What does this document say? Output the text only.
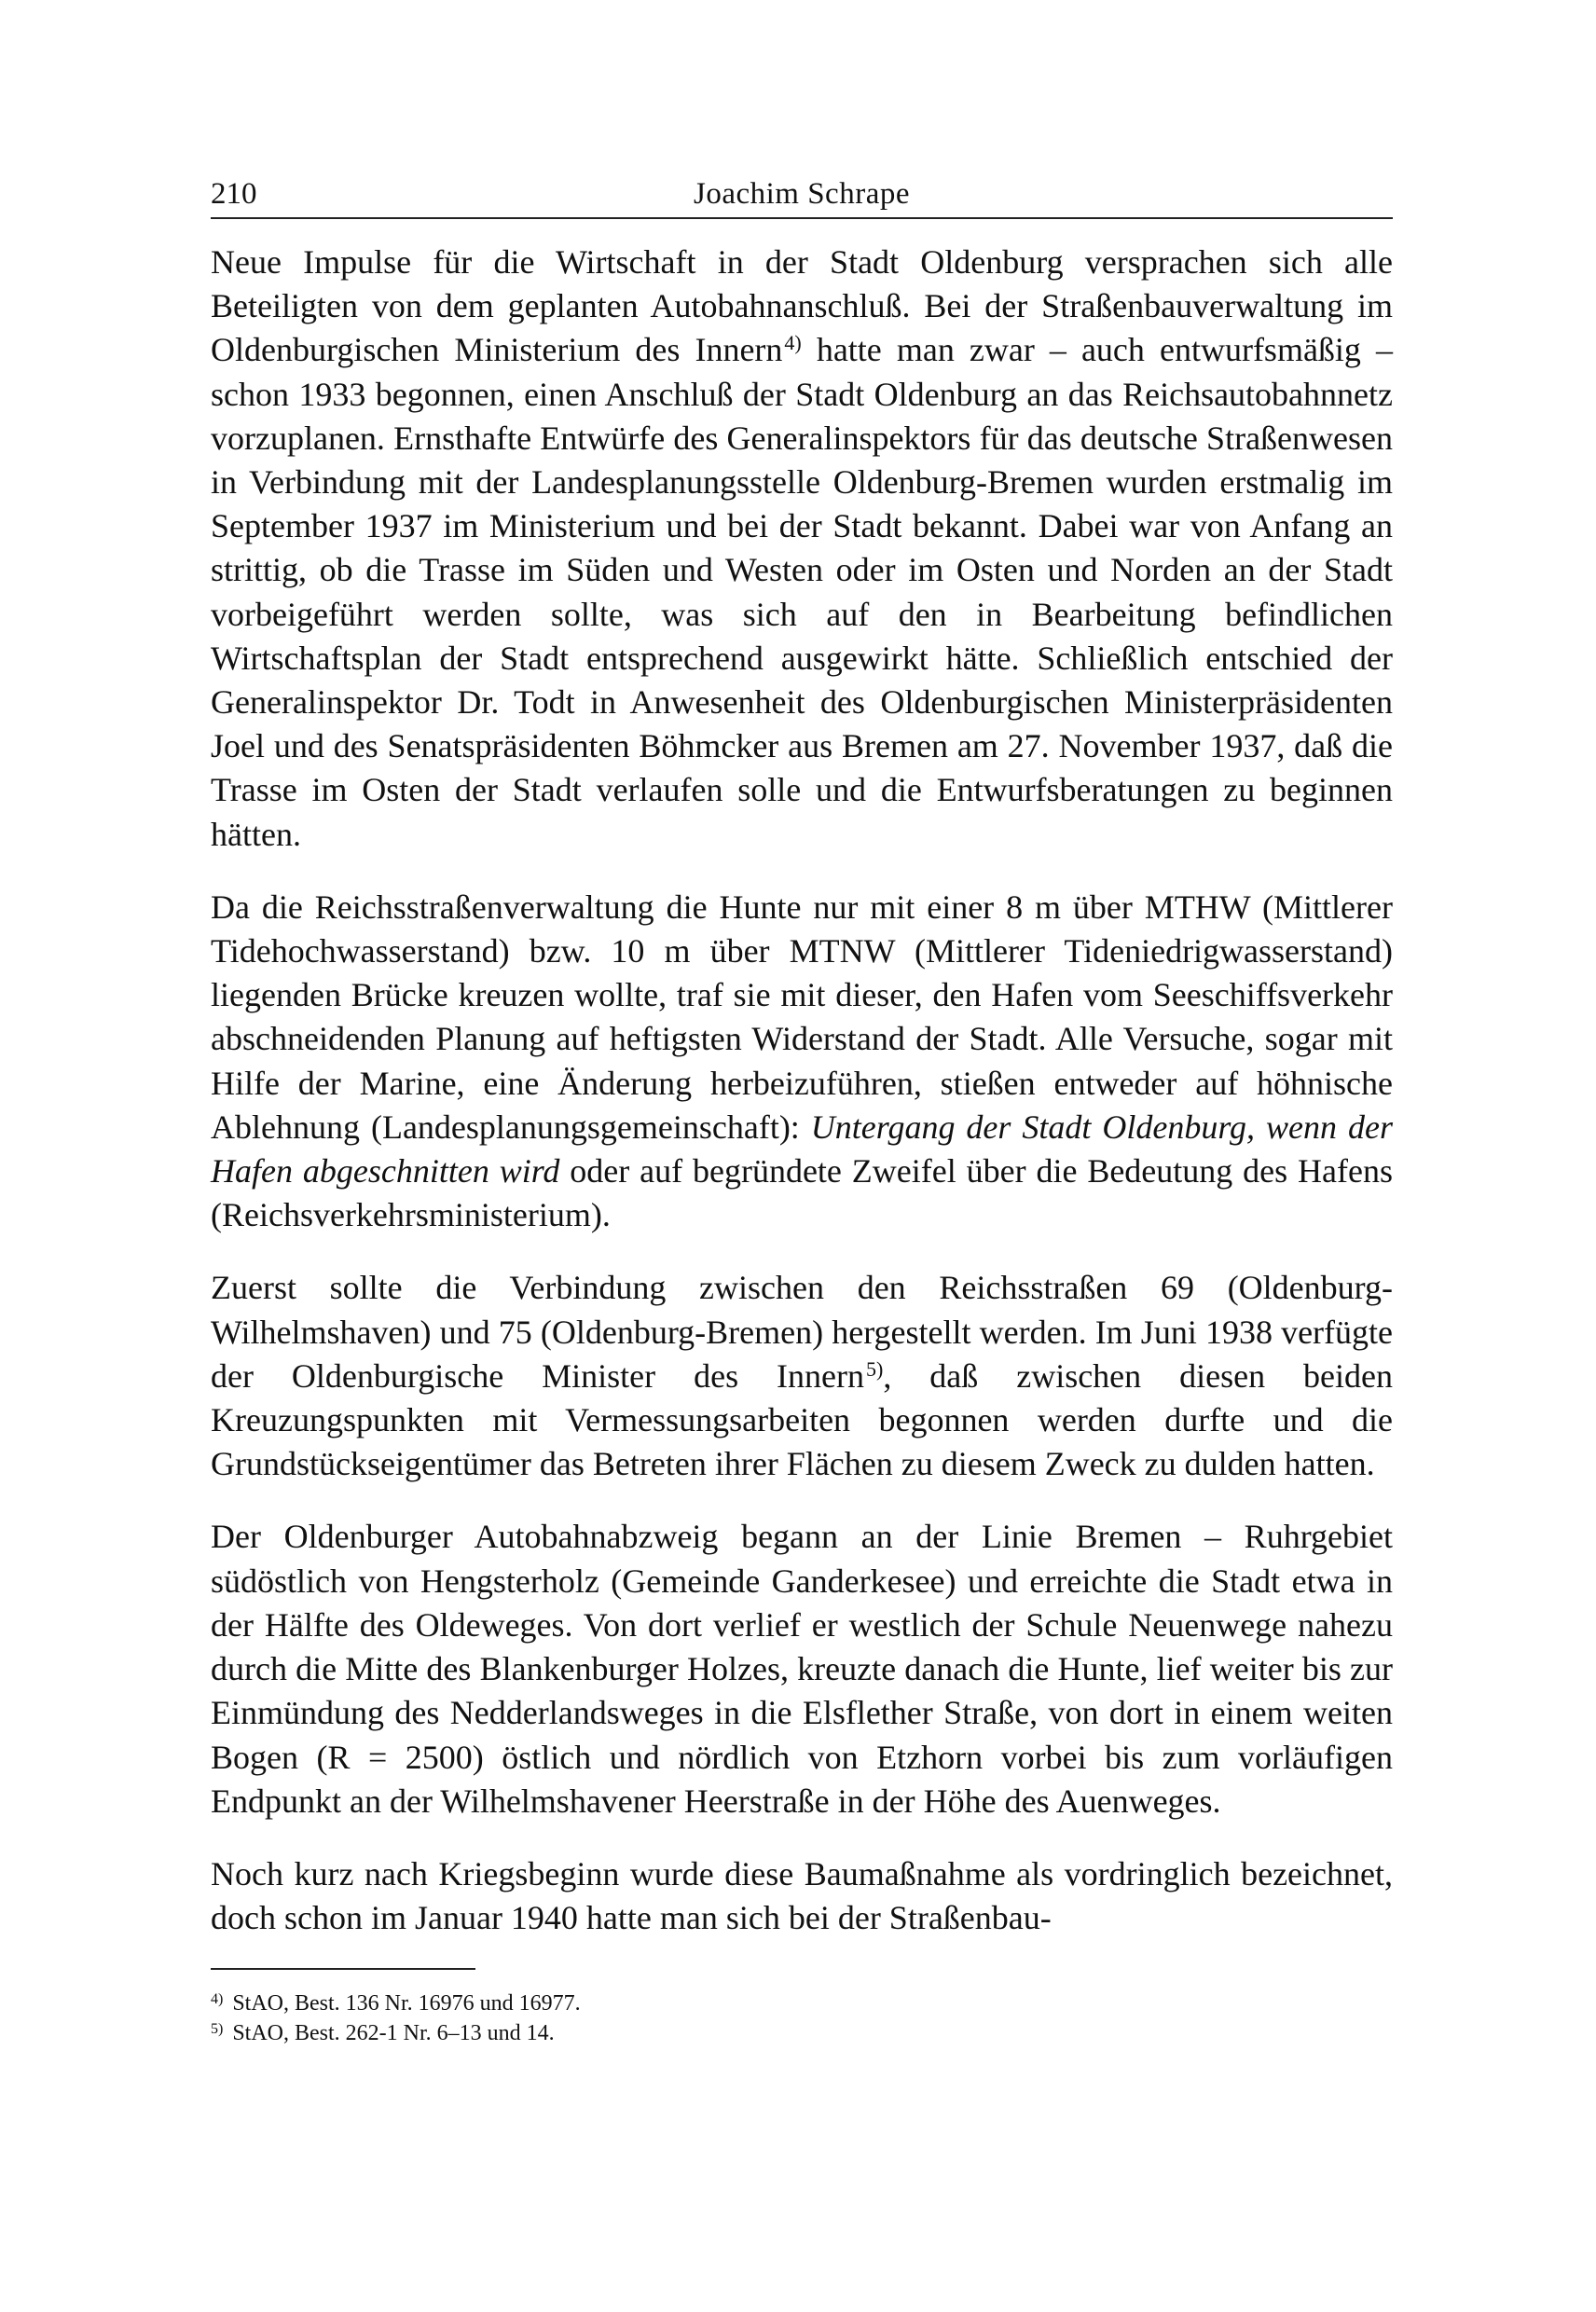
210	Joachim Schrape

Neue Impulse für die Wirtschaft in der Stadt Oldenburg versprachen sich alle Beteiligten von dem geplanten Autobahnanschluß. Bei der Straßenbauverwaltung im Oldenburgischen Ministerium des Innern$^{4)}$ hatte man zwar – auch entwurfsmäßig – schon 1933 begonnen, einen Anschluß der Stadt Oldenburg an das Reichsautobahnnetz vorzuplanen. Ernsthafte Entwürfe des Generalinspektors für das deutsche Straßenwesen in Verbindung mit der Landesplanungsstelle Oldenburg-Bremen wurden erstmalig im September 1937 im Ministerium und bei der Stadt bekannt. Dabei war von Anfang an strittig, ob die Trasse im Süden und Westen oder im Osten und Norden an der Stadt vorbeigeführt werden sollte, was sich auf den in Bearbeitung befindlichen Wirtschaftsplan der Stadt entsprechend ausgewirkt hätte. Schließlich entschied der Generalinspektor Dr. Todt in Anwesenheit des Oldenburgischen Ministerpräsidenten Joel und des Senatspräsidenten Böhmcker aus Bremen am 27. November 1937, daß die Trasse im Osten der Stadt verlaufen solle und die Entwurfsberatungen zu beginnen hätten.

Da die Reichsstraßenverwaltung die Hunte nur mit einer 8 m über MTHW (Mittlerer Tidehochwasserstand) bzw. 10 m über MTNW (Mittlerer Tideniedrigwasserstand) liegenden Brücke kreuzen wollte, traf sie mit dieser, den Hafen vom Seeschiffsverkehr abschneidenden Planung auf heftigsten Widerstand der Stadt. Alle Versuche, sogar mit Hilfe der Marine, eine Änderung herbeizuführen, stießen entweder auf höhnische Ablehnung (Landesplanungsgemeinschaft): Untergang der Stadt Oldenburg, wenn der Hafen abgeschnitten wird oder auf begründete Zweifel über die Bedeutung des Hafens (Reichsverkehrsministerium).

Zuerst sollte die Verbindung zwischen den Reichsstraßen 69 (Oldenburg-Wilhelmshaven) und 75 (Oldenburg-Bremen) hergestellt werden. Im Juni 1938 verfügte der Oldenburgische Minister des Innern$^{5)}$, daß zwischen diesen beiden Kreuzungspunkten mit Vermessungsarbeiten begonnen werden durfte und die Grundstückseigentümer das Betreten ihrer Flächen zu diesem Zweck zu dulden hatten.

Der Oldenburger Autobahnabzweig begann an der Linie Bremen – Ruhrgebiet südöstlich von Hengsterholz (Gemeinde Ganderkesee) und erreichte die Stadt etwa in der Hälfte des Oldeweges. Von dort verlief er westlich der Schule Neuenwege nahezu durch die Mitte des Blankenburger Holzes, kreuzte danach die Hunte, lief weiter bis zur Einmündung des Nedderlandsweges in die Elsflether Straße, von dort in einem weiten Bogen (R = 2500) östlich und nördlich von Etzhorn vorbei bis zum vorläufigen Endpunkt an der Wilhelmshavener Heerstraße in der Höhe des Auenweges.

Noch kurz nach Kriegsbeginn wurde diese Baumaßnahme als vordringlich bezeichnet, doch schon im Januar 1940 hatte man sich bei der Straßenbau-

$^{4)}$ StAO, Best. 136 Nr. 16976 und 16977.
$^{5)}$ StAO, Best. 262-1 Nr. 6–13 und 14.
